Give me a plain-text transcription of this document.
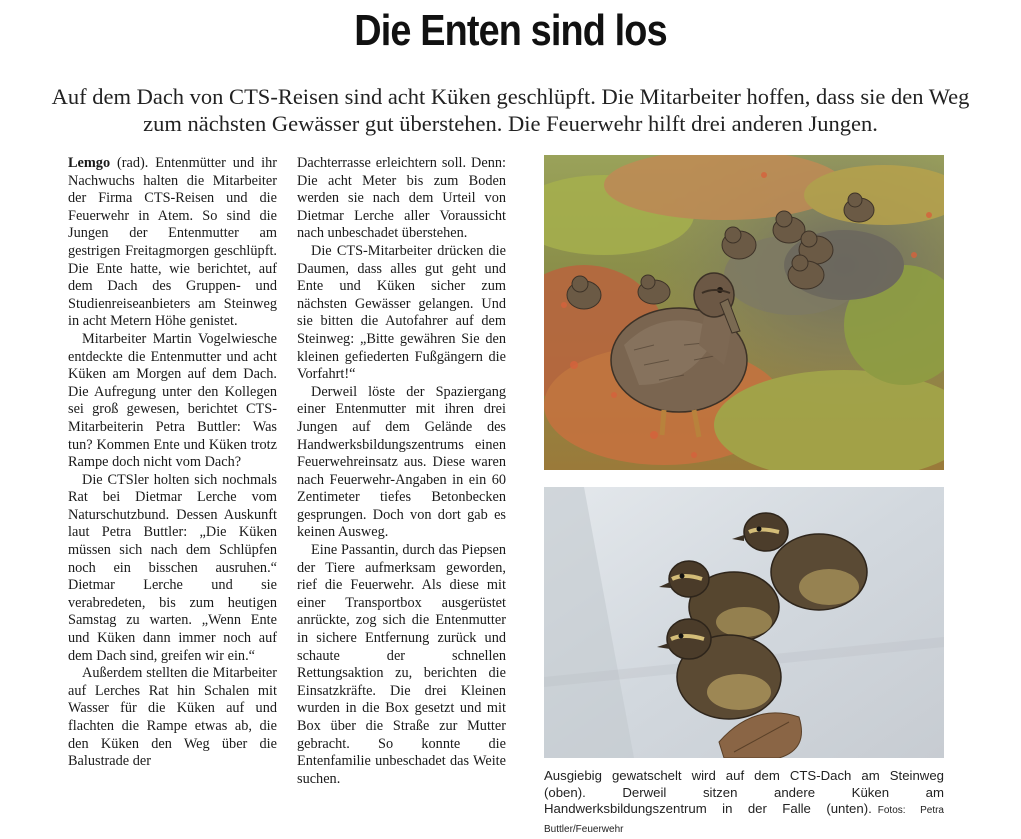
Die Enten sind los
Auf dem Dach von CTS-Reisen sind acht Küken geschlüpft. Die Mitarbeiter hoffen, dass sie den Weg zum nächsten Gewässer gut überstehen. Die Feuerwehr hilft drei anderen Jungen.

Lemgo (rad). Entenmütter und ihr Nachwuchs halten die Mitarbeiter der Firma CTS-Reisen und die Feuerwehr in Atem. So sind die Jungen der Entenmutter am gestrigen Freitagmorgen geschlüpft. Die Ente hatte, wie berichtet, auf dem Dach des Gruppen- und Studienreiseanbieters am Steinweg in acht Metern Höhe genistet.

Mitarbeiter Martin Vogelwiesche entdeckte die Entenmutter und acht Küken am Morgen auf dem Dach. Die Aufregung unter den Kollegen sei groß gewesen, berichtet CTS-Mitarbeiterin Petra Buttler: Was tun? Kommen Ente und Küken trotz Rampe doch nicht vom Dach?

Die CTSler holten sich nochmals Rat bei Dietmar Lerche vom Naturschutzbund. Dessen Auskunft laut Petra Buttler: „Die Küken müssen sich nach dem Schlüpfen noch ein bisschen ausruhen.“ Dietmar Lerche und sie verabredeten, bis zum heutigen Samstag zu warten. „Wenn Ente und Küken dann immer noch auf dem Dach sind, greifen wir ein.“

Außerdem stellten die Mitarbeiter auf Lerches Rat hin Schalen mit Wasser für die Küken auf und flachten die Rampe etwas ab, die den Küken den Weg über die Balustrade der

Dachterrasse erleichtern soll. Denn: Die acht Meter bis zum Boden werden sie nach dem Urteil von Dietmar Lerche aller Voraussicht nach unbeschadet überstehen.

Die CTS-Mitarbeiter drücken die Daumen, dass alles gut geht und Ente und Küken sicher zum nächsten Gewässer gelangen. Und sie bitten die Autofahrer auf dem Steinweg: „Bitte gewähren Sie den kleinen gefiederten Fußgängern die Vorfahrt!“

Derweil löste der Spaziergang einer Entenmutter mit ihren drei Jungen auf dem Gelände des Handwerksbildungszentrums einen Feuerwehreinsatz aus. Diese waren nach Feuerwehr-Angaben in ein 60 Zentimeter tiefes Betonbecken gesprungen. Doch von dort gab es keinen Ausweg.

Eine Passantin, durch das Piepsen der Tiere aufmerksam geworden, rief die Feuerwehr. Als diese mit einer Transportbox ausgerüstet anrückte, zog sich die Entenmutter in sichere Entfernung zurück und schaute der schnellen Rettungsaktion zu, berichten die Einsatzkräfte. Die drei Kleinen wurden in die Box gesetzt und mit Box über die Straße zur Mutter gebracht. So konnte die Entenfamilie unbeschadet das Weite suchen.	Ausgiebig gewatschelt wird auf dem CTS-Dach am Steinweg (oben). Derweil sitzen andere Küken am Handwerksbildungszentrum in der Falle (unten). Fotos: Petra Buttler/Feuerwehr
